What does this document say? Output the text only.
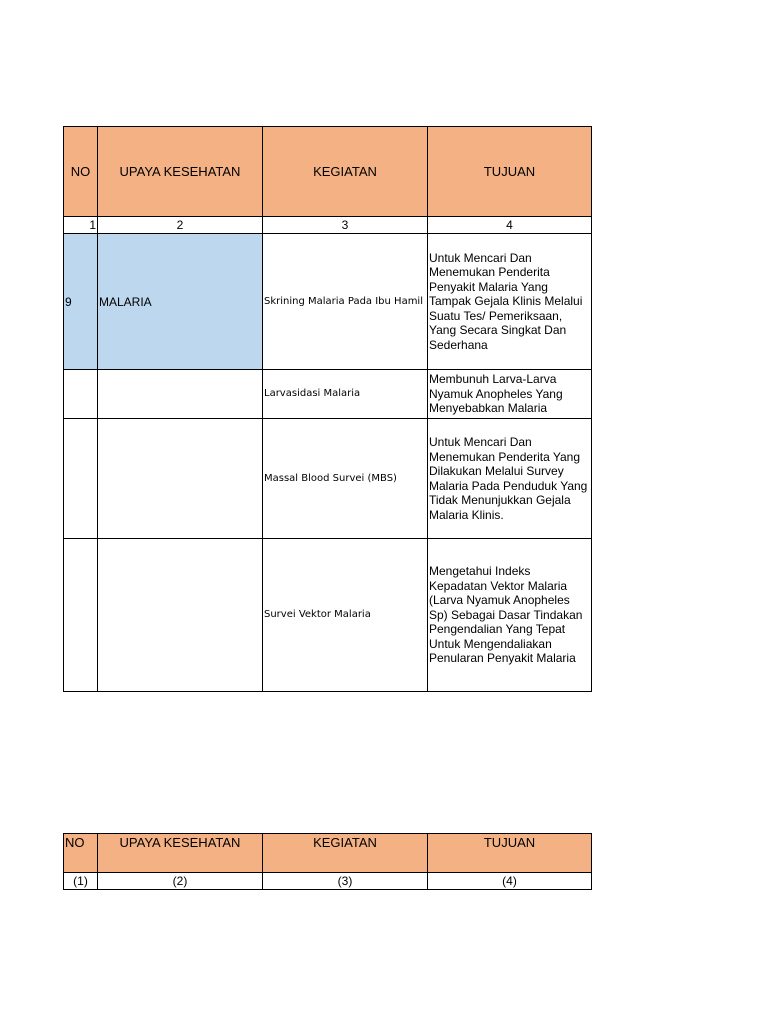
NO	UPAYA KESEHATAN	KEGIATAN	TUJUAN
1	2	3	4
9	MALARIA	Skrining Malaria Pada Ibu Hamil	Untuk Mencari Dan Menemukan Penderita Penyakit Malaria Yang Tampak Gejala Klinis Melalui Suatu Tes/ Pemeriksaan, Yang Secara Singkat Dan Sederhana
		Larvasidasi Malaria	Membunuh Larva-Larva Nyamuk Anopheles Yang Menyebabkan Malaria
		Massal Blood Survei (MBS)	Untuk Mencari Dan Menemukan Penderita Yang Dilakukan Melalui Survey Malaria Pada Penduduk Yang Tidak Menunjukkan Gejala Malaria Klinis.
		Survei Vektor Malaria	Mengetahui Indeks Kepadatan Vektor Malaria (Larva Nyamuk Anopheles Sp) Sebagai Dasar Tindakan Pengendalian Yang Tepat Untuk Mengendaliakan Penularan Penyakit Malaria
NO	UPAYA KESEHATAN	KEGIATAN	TUJUAN
(1)	(2)	(3)	(4)
